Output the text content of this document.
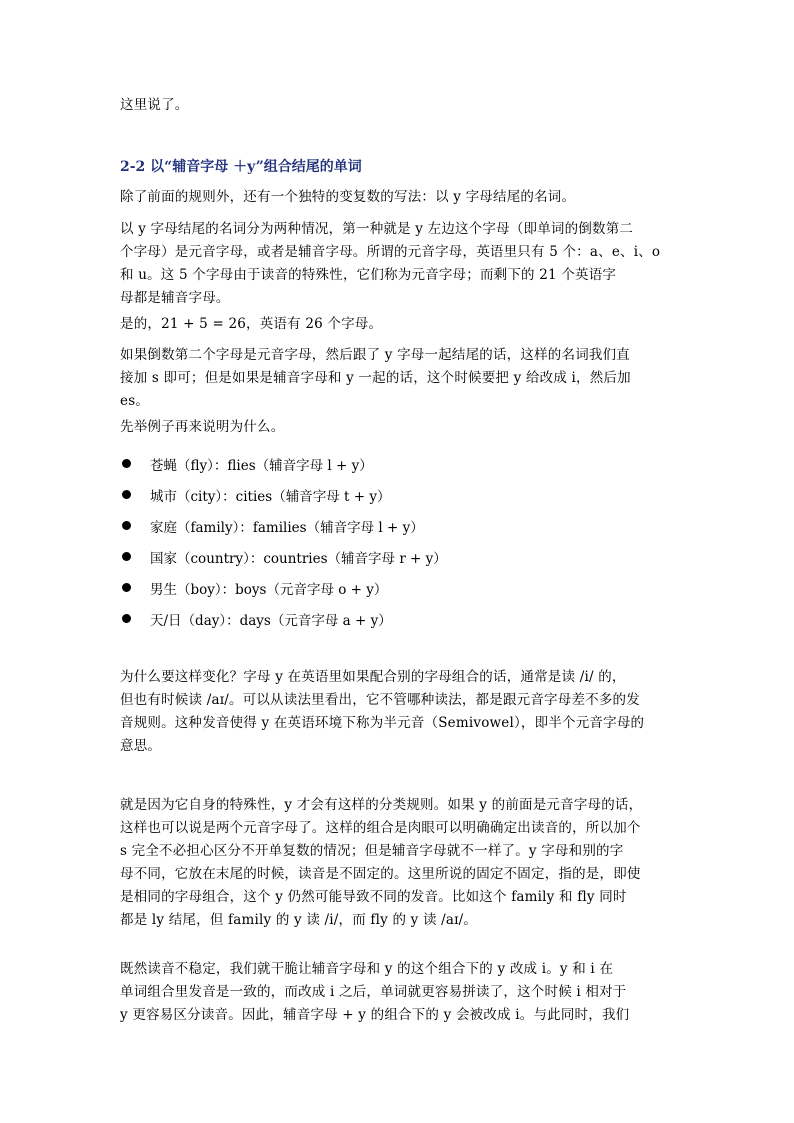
这里说了。
2-2 以“辅音字母 ＋y”组合结尾的单词
除了前面的规则外，还有一个独特的变复数的写法：以 y 字母结尾的名词。
以 y 字母结尾的名词分为两种情况，第一种就是 y 左边这个字母（即单词的倒数第二
个字母）是元音字母，或者是辅音字母。所谓的元音字母，英语里只有 5 个：a、e、i、o
和 u。这 5 个字母由于读音的特殊性，它们称为元音字母；而剩下的 21 个英语字
母都是辅音字母。
是的，21 + 5 = 26，英语有 26 个字母。
如果倒数第二个字母是元音字母，然后跟了 y 字母一起结尾的话，这样的名词我们直
接加 s 即可；但是如果是辅音字母和 y 一起的话，这个时候要把 y 给改成 i，然后加
es。
先举例子再来说明为什么。
苍蝇（fly）：flies（辅音字母 l + y）
城市（city）：cities（辅音字母 t + y）
家庭（family）：families（辅音字母 l + y）
国家（country）：countries（辅音字母 r + y）
男生（boy）：boys（元音字母 o + y）
天/日（day）：days（元音字母 a + y）
为什么要这样变化？字母 y 在英语里如果配合别的字母组合的话，通常是读 /i/ 的，
但也有时候读 /aɪ/。可以从读法里看出，它不管哪种读法，都是跟元音字母差不多的发
音规则。这种发音使得 y 在英语环境下称为半元音（Semivowel），即半个元音字母的
意思。
就是因为它自身的特殊性，y 才会有这样的分类规则。如果 y 的前面是元音字母的话，
这样也可以说是两个元音字母了。这样的组合是肉眼可以明确确定出读音的，所以加个
s 完全不必担心区分不开单复数的情况；但是辅音字母就不一样了。y 字母和别的字
母不同，它放在末尾的时候，读音是不固定的。这里所说的固定不固定，指的是，即使
是相同的字母组合，这个 y 仍然可能导致不同的发音。比如这个 family 和 fly 同时
都是 ly 结尾，但 family 的 y 读 /i/，而 fly 的 y 读 /aɪ/。
既然读音不稳定，我们就干脆让辅音字母和 y 的这个组合下的 y 改成 i。y 和 i 在
单词组合里发音是一致的，而改成 i 之后，单词就更容易拼读了，这个时候 i 相对于
y 更容易区分读音。因此，辅音字母 + y 的组合下的 y 会被改成 i。与此同时，我们
